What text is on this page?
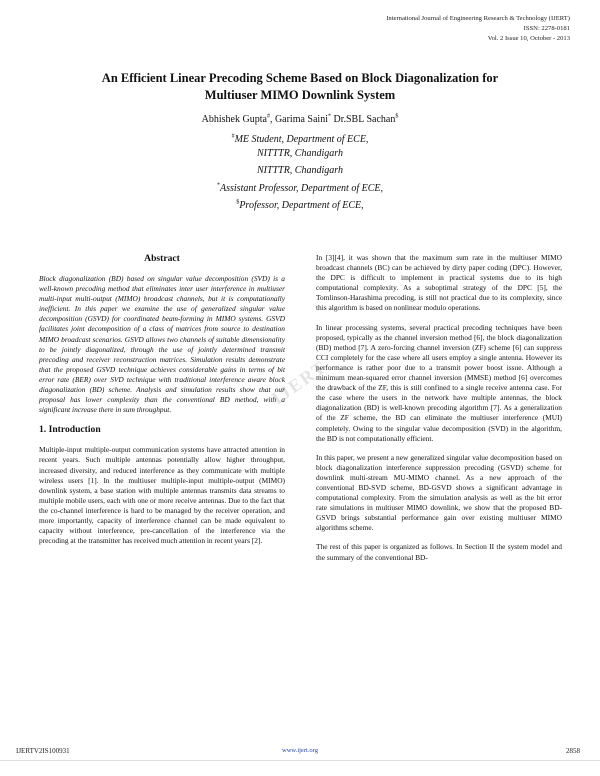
International Journal of Engineering Research & Technology (IJERT)
ISSN: 2278-0181
Vol. 2 Issue 10, October - 2013
An Efficient Linear Precoding Scheme Based on Block Diagonalization for
Multiuser MIMO Downlink System
Abhishek Gupta#, Garima Saini* Dr.SBL Sachan$
#ME Student, Department of ECE,
NITTTR, Chandigarh
NITTTR, Chandigarh
*Assistant Professor, Department of ECE,
$Professor, Department of ECE,

Abstract

Block diagonalization (BD) based on singular value decomposition (SVD) is a well-known precoding method that eliminates inter user interference in multiuser multi-input multi-output (MIMO) broadcast channels, but it is computationally inefficient. In this paper we examine the use of generalized singular value decomposition (GSVD) for coordinated beam-forming in MIMO systems. GSVD facilitates joint decomposition of a class of matrices from source to destination MIMO broadcast scenarios. GSVD allows two channels of suitable dimensionality to be jointly diagonalized, through the use of jointly determined transmit precoding and receiver reconstruction matrices. Simulation results demonstrate that the proposed GSVD technique achieves considerable gains in terms of bit error rate (BER) over SVD technique with traditional interference aware block diagonalization (BD) scheme. Analysis and simulation results show that our proposal has lower complexity than the conventional BD method, with a significant increase there in sum throughput.

1. Introduction

Multiple-input multiple-output communication systems have attracted attention in recent years. Such multiple antennas potentially allow higher throughput, increased diversity, and reduced interference as they communicate with multiple wireless users [1]. In the multiuser multiple-input multiple-output (MIMO) downlink system, a base station with multiple antennas transmits data streams to multiple mobile users, each with one or more receive antennas. Due to the fact that the co-channel interference is hard to be managed by the receiver operation, and more importantly, capacity of interference channel can be made equivalent to capacity without interference, pre-cancellation of the interference via the precoding at the transmitter has received much attention in recent years [2].

In [3][4], it was shown that the maximum sum rate in the multiuser MIMO broadcast channels (BC) can be achieved by dirty paper coding (DPC). However, the DPC is difficult to implement in practical systems due to its high computational complexity. As a suboptimal strategy of the DPC [5], the Tomlinson-Harashima precoding, is still not practical due to its complexity, since this algorithm is based on nonlinear modulo operations.

In linear processing systems, several practical precoding techniques have been proposed, typically as the channel inversion method [6], the block diagonalization (BD) method [7]. A zero-forcing channel inversion (ZF) scheme [6] can suppress CCI completely for the case where all users employ a single antenna. However its performance is rather poor due to a transmit power boost issue. Although a minimum mean-squared error channel inversion (MMSE) method [6] overcomes the drawback of the ZF, this is still confined to a single receive antenna case. For the case where the users in the network have multiple antennas, the block diagonalization (BD) is well-known precoding algorithm [7]. As a generalization of the ZF scheme, the BD can eliminate the multiuser interference (MUI) completely. Owing to the singular value decomposition (SVD) in the algorithm, the BD is not computationally efficient.

In this paper, we present a new generalized singular value decomposition based on block diagonalization interference suppression precoding (GSVD) scheme for downlink multi-stream MU-MIMO channel. As a new approach of the conventional BD-SVD scheme, BD-GSVD shows a significant advantage in computational complexity. From the simulation analysis as well as the bit error rate simulations in multiuser MIMO downlink, we show that the proposed BD-GSVD brings substantial performance gain over existing multiuser MIMO algorithms scheme.

The rest of this paper is organized as follows. In Section II the system model and the summary of the conventional BD-

IJERT
IJERTV2IS100931	www.ijert.org	2858
